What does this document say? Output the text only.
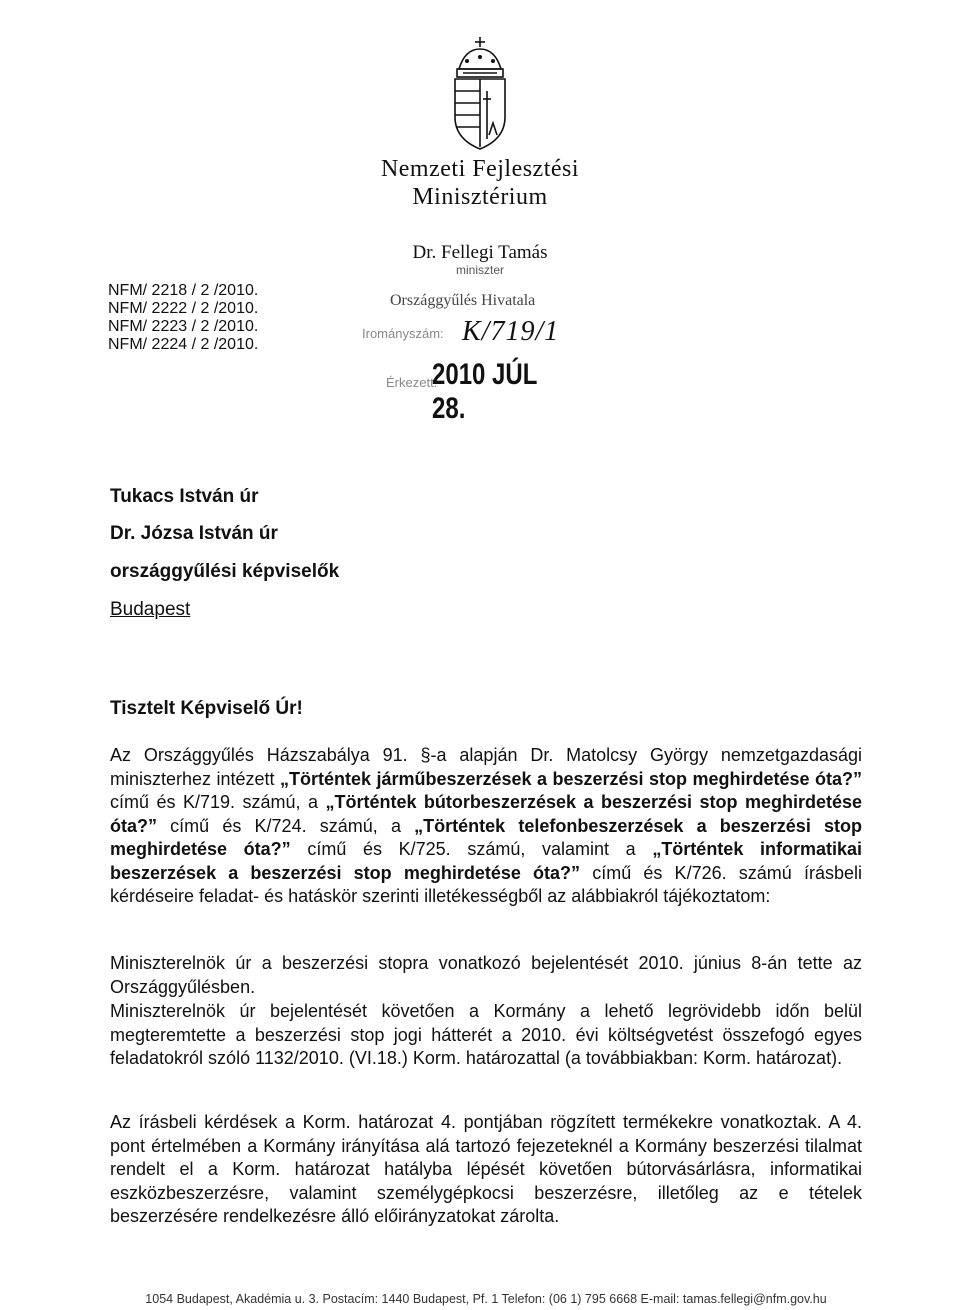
Nemzeti Fejlesztési
Minisztérium
Dr. Fellegi Tamás
miniszter
NFM/ 2218 / 2 /2010.
NFM/ 2222 / 2 /2010.
NFM/ 2223 / 2 /2010.
NFM/ 2224 / 2 /2010.
Országgyűlés Hivatala
Irományszám: K/719/1
Érkezett:
2010 JÚL 28.
Tukacs István úr
Dr. Józsa István úr
országgyűlési képviselők
Budapest
Tisztelt Képviselő Úr!
Az Országgyűlés Házszabálya 91. §-a alapján Dr. Matolcsy György nemzetgazdasági miniszterhez intézett „Történtek járműbeszerzések a beszerzési stop meghirdetése óta?” című és K/719. számú, a „Történtek bútorbeszerzések a beszerzési stop meghirdetése óta?” című és K/724. számú, a „Történtek telefonbeszerzések a beszerzési stop meghirdetése óta?” című és K/725. számú, valamint a „Történtek informatikai beszerzések a beszerzési stop meghirdetése óta?” című és K/726. számú írásbeli kérdéseire feladat- és hatáskör szerinti illetékességből az alábbiakról tájékoztatom:
Miniszterelnök úr a beszerzési stopra vonatkozó bejelentését 2010. június 8-án tette az Országgyűlésben.
Miniszterelnök úr bejelentését követően a Kormány a lehető legrövidebb időn belül megteremtette a beszerzési stop jogi hátterét a 2010. évi költségvetést összefogó egyes feladatokról szóló 1132/2010. (VI.18.) Korm. határozattal (a továbbiakban: Korm. határozat).
Az írásbeli kérdések a Korm. határozat 4. pontjában rögzített termékekre vonatkoztak. A 4. pont értelmében a Kormány irányítása alá tartozó fejezeteknél a Kormány beszerzési tilalmat rendelt el a Korm. határozat hatályba lépését követően bútorvásárlásra, informatikai eszközbeszerzésre, valamint személygépkocsi beszerzésre, illetőleg az e tételek beszerzésére rendelkezésre álló előirányzatokat zárolta.
1054 Budapest, Akadémia u. 3. Postacím: 1440 Budapest, Pf. 1 Telefon: (06 1) 795 6668 E-mail: tamas.fellegi@nfm.gov.hu
